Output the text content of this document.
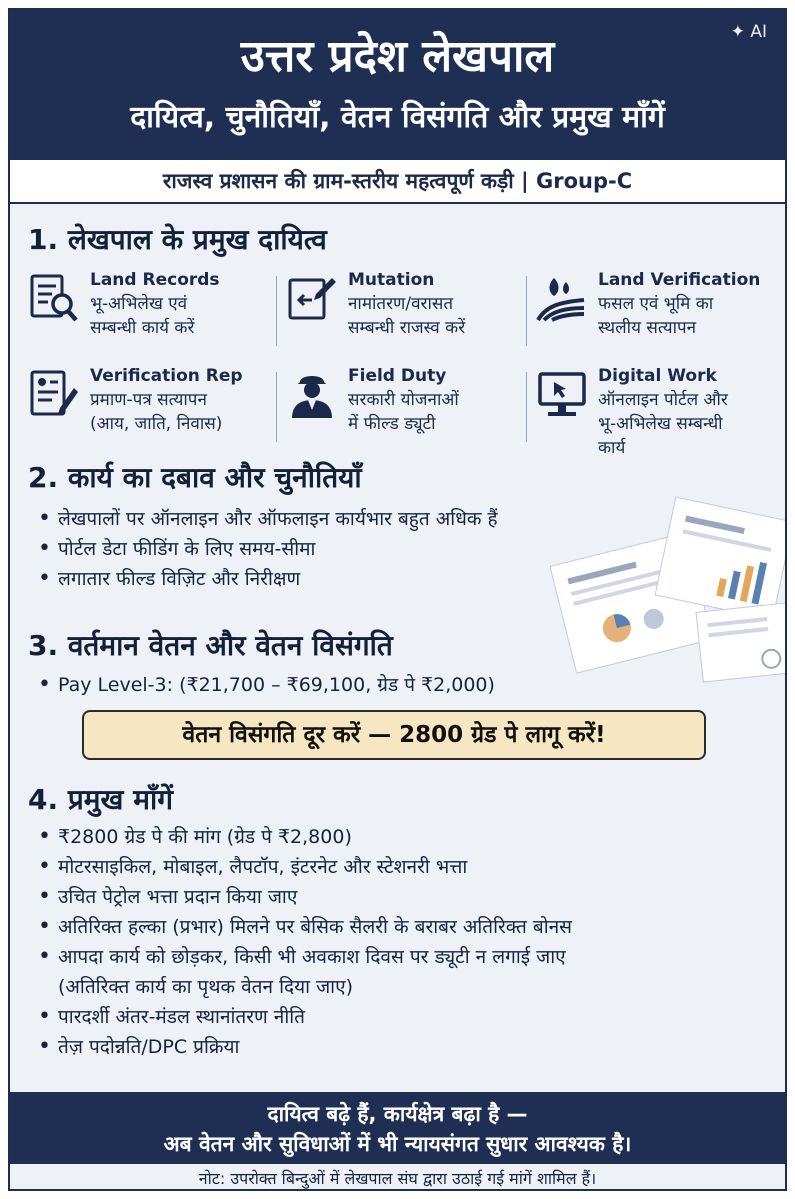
✦ AI
उत्तर प्रदेश लेखपाल
दायित्व, चुनौतियाँ, वेतन विसंगति और प्रमुख माँगें
राजस्व प्रशासन की ग्राम-स्तरीय महत्वपूर्ण कड़ी | Group-C
1. लेखपाल के प्रमुख दायित्व
Land Records
भू-अभिलेख एवं
सम्बन्धी कार्य करें
Mutation
नामांतरण/वरासत
सम्बन्धी राजस्व करें
Land Verification
फसल एवं भूमि का
स्थलीय सत्यापन
Verification Rep
प्रमाण-पत्र सत्यापन
(आय, जाति, निवास)
Field Duty
सरकारी योजनाओं
में फील्ड ड्यूटी
Digital Work
ऑनलाइन पोर्टल और
भू-अभिलेख सम्बन्धी
कार्य
2. कार्य का दबाव और चुनौतियाँ
• लेखपालों पर ऑनलाइन और ऑफलाइन कार्यभार बहुत अधिक हैं
• पोर्टल डेटा फीडिंग के लिए समय-सीमा
• लगातार फील्ड विज़िट और निरीक्षण
3. वर्तमान वेतन और वेतन विसंगति
• Pay Level-3: (₹21,700 – ₹69,100, ग्रेड पे ₹2,000)
वेतन विसंगति दूर करें — 2800 ग्रेड पे लागू करें!
4. प्रमुख माँगें
• ₹2800 ग्रेड पे की मांग (ग्रेड पे ₹2,800)
• मोटरसाइकिल, मोबाइल, लैपटॉप, इंटरनेट और स्टेशनरी भत्ता
• उचित पेट्रोल भत्ता प्रदान किया जाए
• अतिरिक्त हल्का (प्रभार) मिलने पर बेसिक सैलरी के बराबर अतिरिक्त बोनस
• आपदा कार्य को छोड़कर, किसी भी अवकाश दिवस पर ड्यूटी न लगाई जाए
(अतिरिक्त कार्य का पृथक वेतन दिया जाए)
• पारदर्शी अंतर-मंडल स्थानांतरण नीति
• तेज़ पदोन्नति/DPC प्रक्रिया
दायित्व बढ़े हैं, कार्यक्षेत्र बढ़ा है —
अब वेतन और सुविधाओं में भी न्यायसंगत सुधार आवश्यक है।
नोट: उपरोक्त बिन्दुओं में लेखपाल संघ द्वारा उठाई गई मांगें शामिल हैं।
